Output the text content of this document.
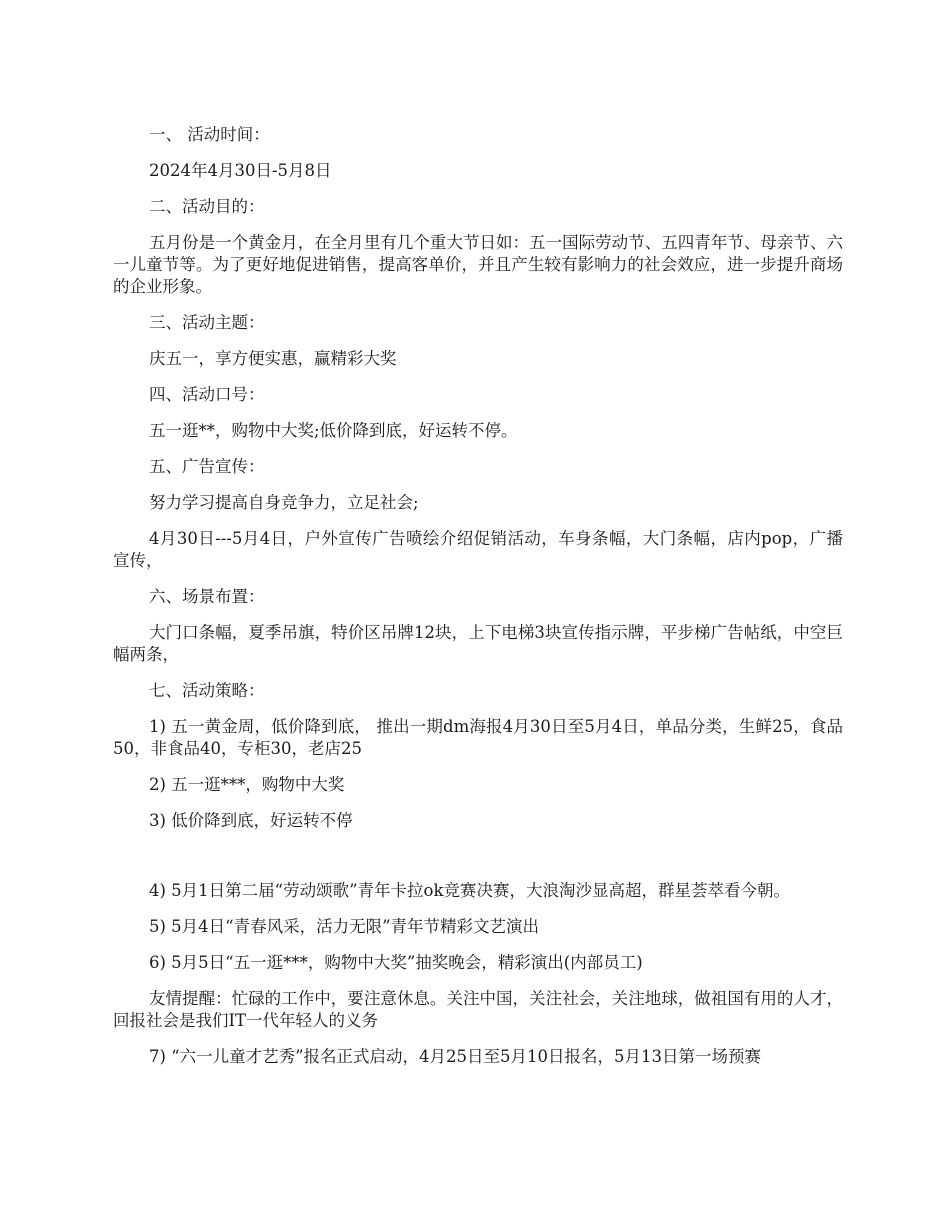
一、 活动时间：

2024年4月30日-5月8日

二、活动目的：

五月份是一个黄金月，在全月里有几个重大节日如：五一国际劳动节、五四青年节、母亲节、六一儿童节等。为了更好地促进销售，提高客单价，并且产生较有影响力的社会效应，进一步提升商场的企业形象。

三、活动主题：

庆五一，享方便实惠，赢精彩大奖

四、活动口号：

五一逛**，购物中大奖;低价降到底，好运转不停。

五、广告宣传：

努力学习提高自身竞争力，立足社会;

4月30日---5月4日，户外宣传广告喷绘介绍促销活动，车身条幅，大门条幅，店内pop，广播宣传，

六、场景布置：

大门口条幅，夏季吊旗，特价区吊牌12块，上下电梯3块宣传指示牌，平步梯广告帖纸，中空巨幅两条，

七、活动策略：

1) 五一黄金周，低价降到底， 推出一期dm海报4月30日至5月4日，单品分类，生鲜25，食品50，非食品40，专柜30，老店25

2) 五一逛***，购物中大奖

3) 低价降到底，好运转不停

4) 5月1日第二届“劳动颂歌”青年卡拉ok竞赛决赛，大浪淘沙显高超，群星荟萃看今朝。

5) 5月4日“青春风采，活力无限”青年节精彩文艺演出

6) 5月5日“五一逛***，购物中大奖”抽奖晚会，精彩演出(内部员工)

友情提醒：忙碌的工作中，要注意休息。关注中国，关注社会，关注地球，做祖国有用的人才，回报社会是我们IT一代年轻人的义务

7) “六一儿童才艺秀”报名正式启动，4月25日至5月10日报名，5月13日第一场预赛
